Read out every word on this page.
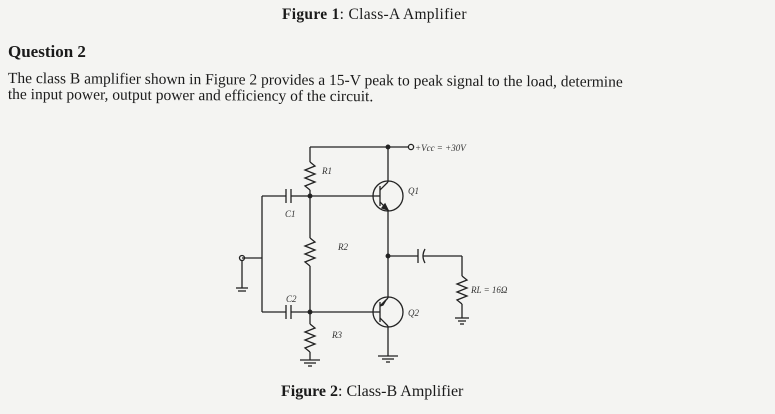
Figure 1: Class-A Amplifier
Question 2
The class B amplifier shown in Figure 2 provides a 15-V peak to peak signal to the load, determine
the input power, output power and efficiency of the circuit.
+Vcc = +30V
R1
R2
R3
C1
C2
Q1
Q2
RL = 16Ω
Figure 2: Class-B Amplifier
